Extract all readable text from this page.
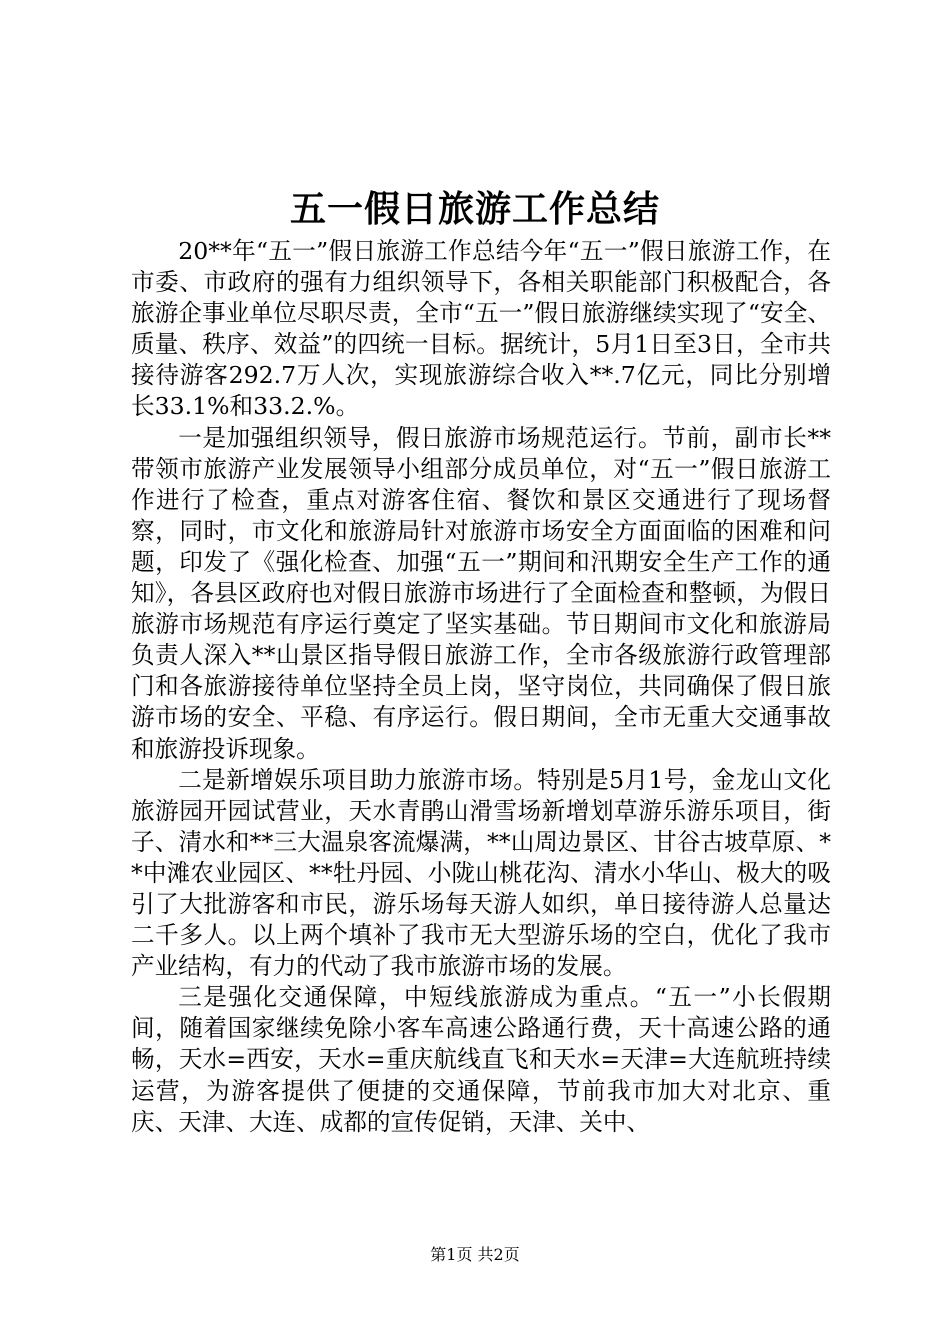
五一假日旅游工作总结

20**年“五一”假日旅游工作总结今年“五一”假日旅游工作，在市委、市政府的强有力组织领导下，各相关职能部门积极配合，各旅游企事业单位尽职尽责，全市“五一”假日旅游继续实现了“安全、质量、秩序、效益”的四统一目标。据统计，5月1日至3日，全市共接待游客292.7万人次，实现旅游综合收入**.7亿元，同比分别增长33.1%和33.2.%。

一是加强组织领导，假日旅游市场规范运行。节前，副市长**带领市旅游产业发展领导小组部分成员单位，对“五一”假日旅游工作进行了检查，重点对游客住宿、餐饮和景区交通进行了现场督察，同时，市文化和旅游局针对旅游市场安全方面面临的困难和问题，印发了《强化检查、加强“五一”期间和汛期安全生产工作的通知》，各县区政府也对假日旅游市场进行了全面检查和整顿，为假日旅游市场规范有序运行奠定了坚实基础。节日期间市文化和旅游局负责人深入**山景区指导假日旅游工作，全市各级旅游行政管理部门和各旅游接待单位坚持全员上岗，坚守岗位，共同确保了假日旅游市场的安全、平稳、有序运行。假日期间，全市无重大交通事故和旅游投诉现象。

二是新增娱乐项目助力旅游市场。特别是5月1号，金龙山文化旅游园开园试营业，天水青鹃山滑雪场新增划草游乐游乐项目，街子、清水和**三大温泉客流爆满，**山周边景区、甘谷古坡草原、**中滩农业园区、**牡丹园、小陇山桃花沟、清水小华山、极大的吸引了大批游客和市民，游乐场每天游人如织，单日接待游人总量达二千多人。以上两个填补了我市无大型游乐场的空白，优化了我市产业结构，有力的代动了我市旅游市场的发展。

三是强化交通保障，中短线旅游成为重点。“五一”小长假期间，随着国家继续免除小客车高速公路通行费，天十高速公路的通畅，天水=西安，天水=重庆航线直飞和天水=天津=大连航班持续运营，为游客提供了便捷的交通保障，节前我市加大对北京、重庆、天津、大连、成都的宣传促销，天津、关中、

第1页 共2页
